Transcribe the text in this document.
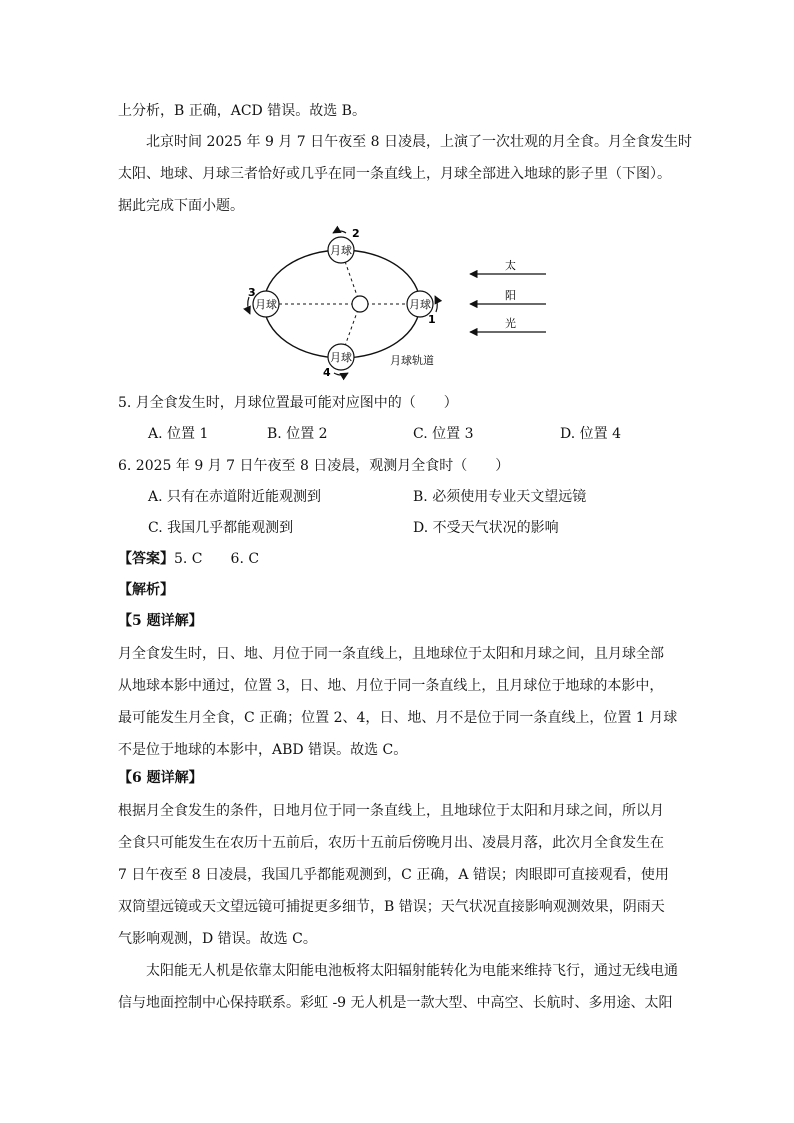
上分析，B 正确，ACD 错误。故选 B。
北京时间 2025 年 9 月 7 日午夜至 8 日凌晨，上演了一次壮观的月全食。月全食发生时
太阳、地球、月球三者恰好或几乎在同一条直线上，月球全部进入地球的影子里（下图）。
据此完成下面小题。
月球
2
月球
3
月球
4
月球
1
月球轨道
太
阳
光
5. 月全食发生时，月球位置最可能对应图中的（　　）
A. 位置 1	B. 位置 2	C. 位置 3	D. 位置 4
6. 2025 年 9 月 7 日午夜至 8 日凌晨，观测月全食时（　　）
A. 只有在赤道附近能观测到	B. 必须使用专业天文望远镜
C. 我国几乎都能观测到	D. 不受天气状况的影响
【答案】5. C 6. C
【解析】
【5 题详解】
月全食发生时，日、地、月位于同一条直线上，且地球位于太阳和月球之间，且月球全部
从地球本影中通过，位置 3，日、地、月位于同一条直线上，且月球位于地球的本影中，
最可能发生月全食，C 正确；位置 2、4，日、地、月不是位于同一条直线上，位置 1 月球
不是位于地球的本影中，ABD 错误。故选 C。
【6 题详解】
根据月全食发生的条件，日地月位于同一条直线上，且地球位于太阳和月球之间，所以月
全食只可能发生在农历十五前后，农历十五前后傍晚月出、凌晨月落，此次月全食发生在
7 日午夜至 8 日凌晨，我国几乎都能观测到，C 正确，A 错误；肉眼即可直接观看，使用
双筒望远镜或天文望远镜可捕捉更多细节，B 错误；天气状况直接影响观测效果，阴雨天
气影响观测，D 错误。故选 C。
太阳能无人机是依靠太阳能电池板将太阳辐射能转化为电能来维持飞行，通过无线电通
信与地面控制中心保持联系。彩虹 -9 无人机是一款大型、中高空、长航时、多用途、太阳
